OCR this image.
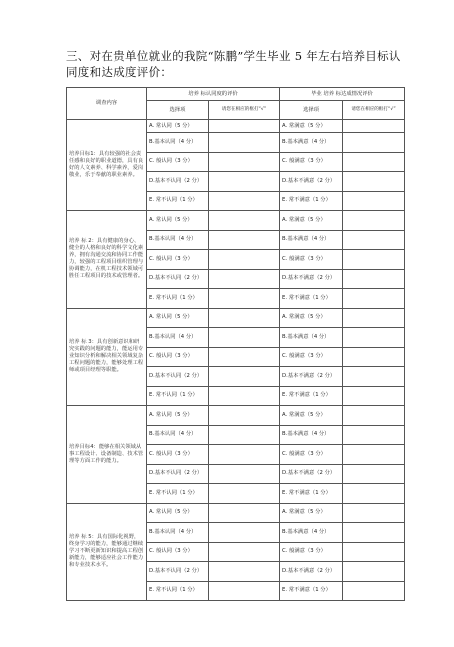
三、对在贵单位就业的我院“陈鹏”学生毕业 5 年左右培养目标认同度和达成度评价：
调查内容	培养 标认同度的评价		毕业 培养 标达成情况评价	
	选择项	请您在相应的框打“√”	选择项	请您在相应的框打“√”
培养目标1：具有较强的社会责任感和良好的职业道德，具有良好的人文素养、科学素养，爱岗敬业，乐于奉献的职业素养。	A. 常认同（5 分）		A. 常满意（5 分）	
	B.基本认同（4 分）		B.基本满意（4 分）	
	C. 般认同（3 分）		C. 般满意（3 分）	
	D.基本不认同（2 分）		D.基本不满意（2 分）	
	E. 常不认同（1 分）		E. 常不满意（1 分）	
培养 标 2：具有健康的身心、健全的人格和良好的科学文化素养，拥有沟通交流和协同工作能力，较强的工程项目组织管理与协调能力，在机工程技术领域可胜任工程项目的技术或管理者。	A. 常认同（5 分）		A. 常满意（5 分）	
	B.基本认同（4 分）		B.基本满意（4 分）	
	C. 般认同（3 分）		C. 般满意（3 分）	
	D.基本不认同（2 分）		D.基本不满意（2 分）	
	E. 常不认同（1 分）		E. 常不满意（1 分）	
培养 标 3：具有创新意识和研究实践的问题的能力，能运用专业知识分析和解决相关领域复杂工程问题的能力，能够处理工程师或项目经理等职能。	A. 常认同（5 分）		A. 常满意（5 分）	
	B.基本认同（4 分）		B.基本满意（4 分）	
	C. 般认同（3 分）		C. 般满意（3 分）	
	D.基本不认同（2 分）		D.基本不满意（2 分）	
	E. 常不认同（1 分）		E. 常不满意（1 分）	
培养目标4：能够在相关领域从事工程设计、设备制造、技术管理等方面工作的能力。	A. 常认同（5 分）		A. 常满意（5 分）	
	B.基本认同（4 分）		B.基本满意（4 分）	
	C. 般认同（3 分）		C. 般满意（3 分）	
	D.基本不认同（2 分）		D.基本不满意（2 分）	
	E. 常不认同（1 分）		E. 常不满意（1 分）	
培养 标 5：具有国际化视野，终身学习的能力，能够通过继续学习不断更新知识和提高工程创新能力，能够适应社会工作能力和专业技术水平。	A. 常认同（5 分）		A. 常满意（5 分）	
	B.基本认同（4 分）		B.基本满意（4 分）	
	C. 般认同（3 分）		C. 般满意（3 分）	
	D.基本不认同（2 分）		D.基本不满意（2 分）	
	E. 常不认同（1 分）		E. 常不满意（1 分）	
